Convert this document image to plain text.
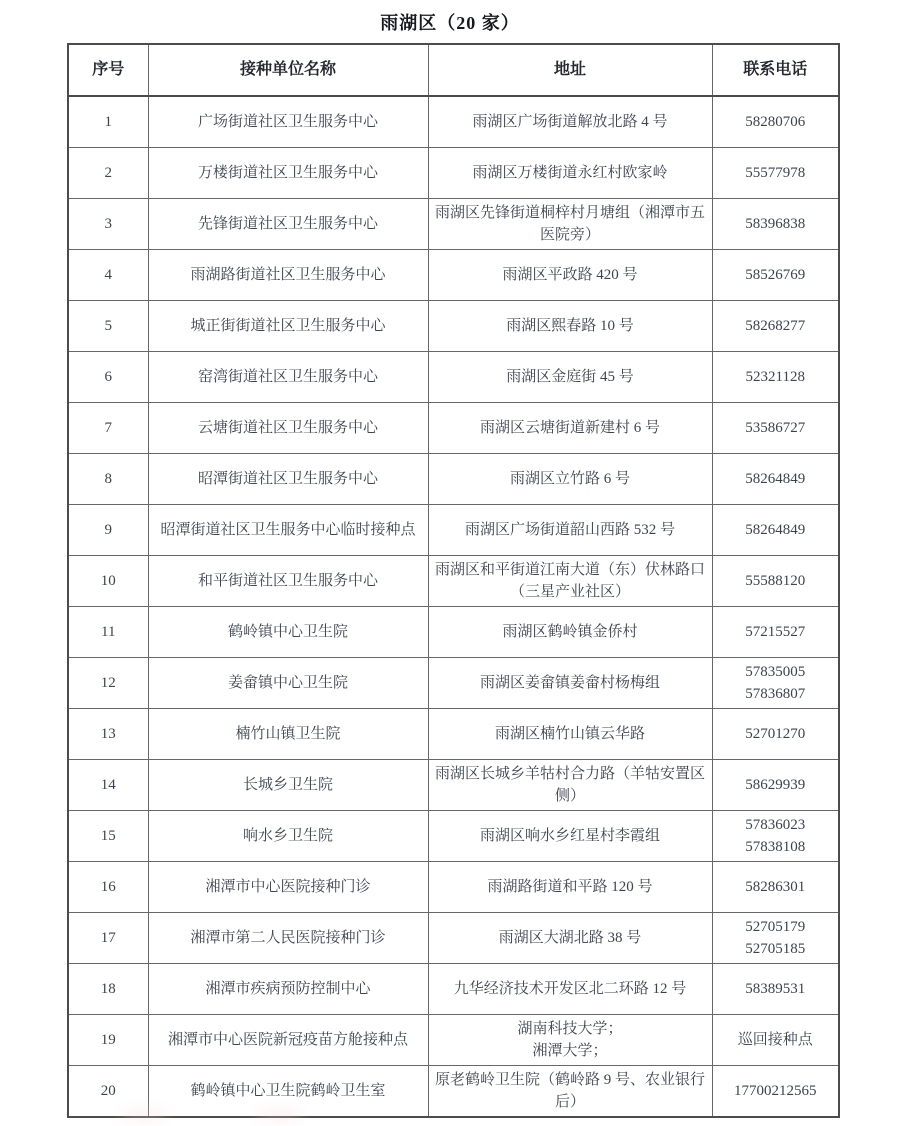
雨湖区（20 家）
序号	接种单位名称	地址	联系电话
1	广场街道社区卫生服务中心	雨湖区广场街道解放北路 4 号	58280706
2	万楼街道社区卫生服务中心	雨湖区万楼街道永红村欧家岭	55577978
3	先锋街道社区卫生服务中心	雨湖区先锋街道桐梓村月塘组（湘潭市五医院旁）	58396838
4	雨湖路街道社区卫生服务中心	雨湖区平政路 420 号	58526769
5	城正街街道社区卫生服务中心	雨湖区熙春路 10 号	58268277
6	窑湾街道社区卫生服务中心	雨湖区金庭街 45 号	52321128
7	云塘街道社区卫生服务中心	雨湖区云塘街道新建村 6 号	53586727
8	昭潭街道社区卫生服务中心	雨湖区立竹路 6 号	58264849
9	昭潭街道社区卫生服务中心临时接种点	雨湖区广场街道韶山西路 532 号	58264849
10	和平街道社区卫生服务中心	雨湖区和平街道江南大道（东）伏林路口（三星产业社区）	55588120
11	鹤岭镇中心卫生院	雨湖区鹤岭镇金侨村	57215527
12	姜畲镇中心卫生院	雨湖区姜畲镇姜畲村杨梅组	57835005
57836807
13	楠竹山镇卫生院	雨湖区楠竹山镇云华路	52701270
14	长城乡卫生院	雨湖区长城乡羊牯村合力路（羊牯安置区侧）	58629939
15	响水乡卫生院	雨湖区响水乡红星村李霞组	57836023
57838108
16	湘潭市中心医院接种门诊	雨湖路街道和平路 120 号	58286301
17	湘潭市第二人民医院接种门诊	雨湖区大湖北路 38 号	52705179
52705185
18	湘潭市疾病预防控制中心	九华经济技术开发区北二环路 12 号	58389531
19	湘潭市中心医院新冠疫苗方舱接种点	湖南科技大学；
湘潭大学；	巡回接种点
20	鹤岭镇中心卫生院鹤岭卫生室	原老鹤岭卫生院（鹤岭路 9 号、农业银行后）	17700212565
